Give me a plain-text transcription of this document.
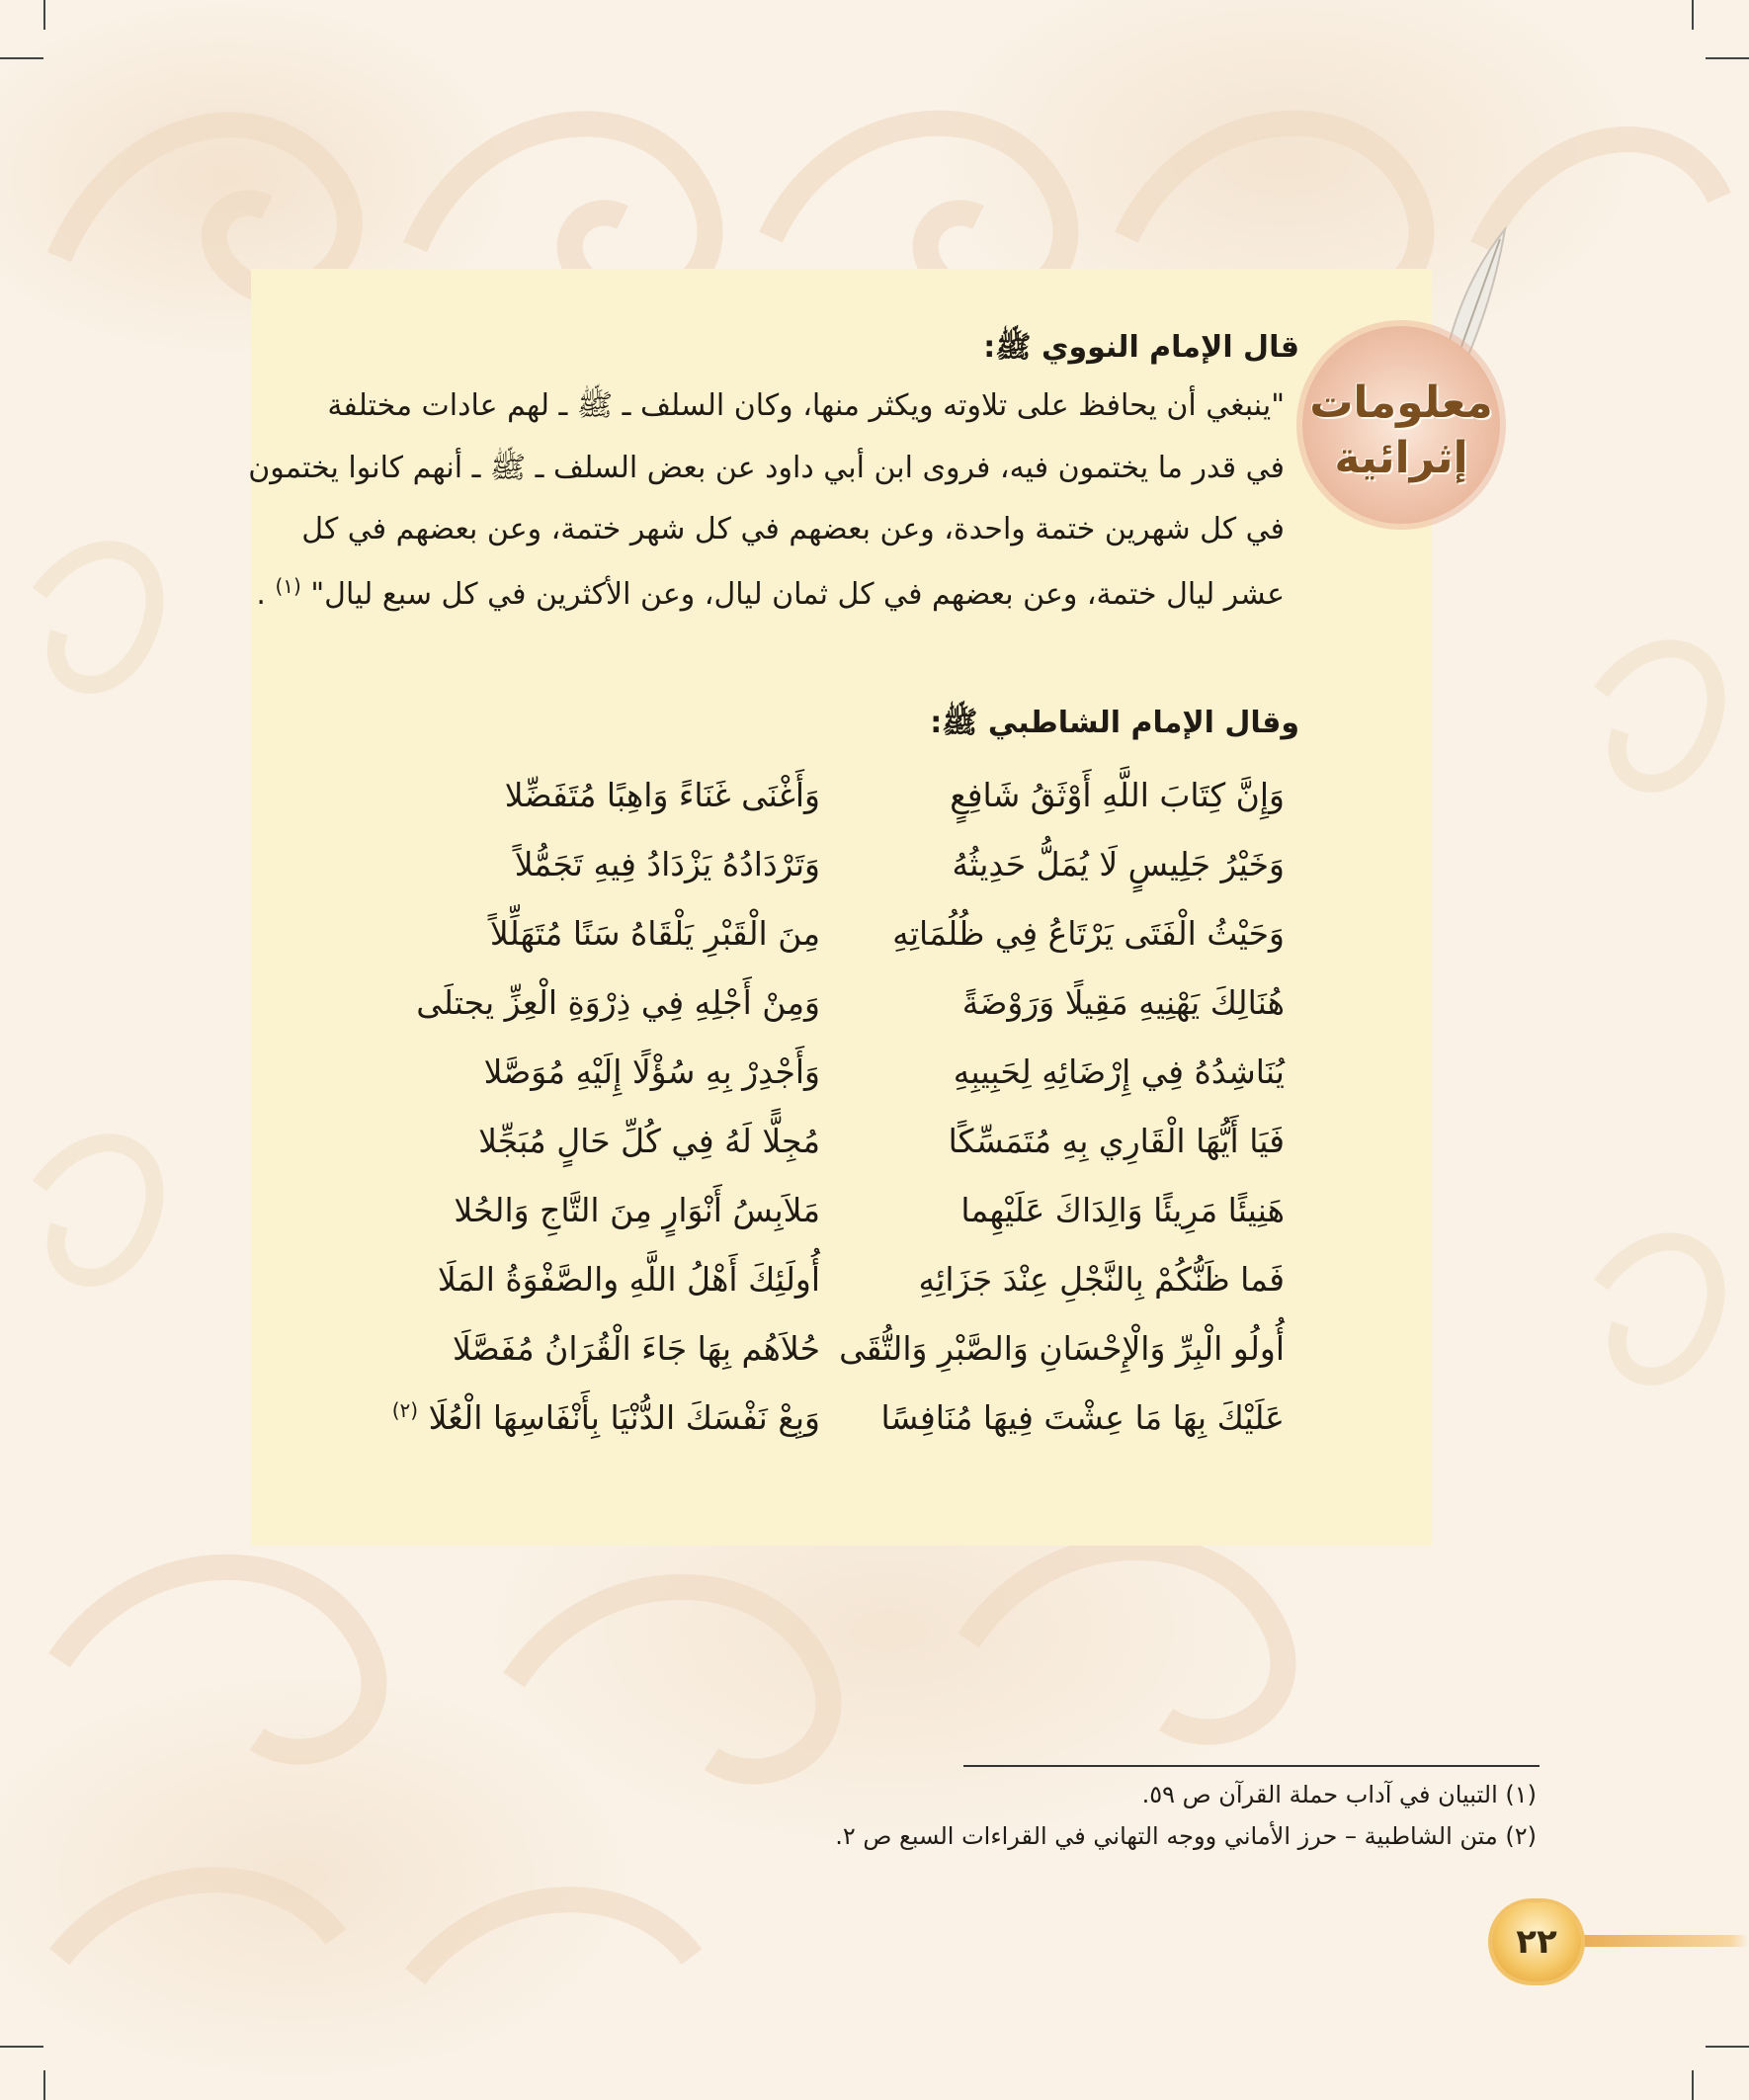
معلومات
إثرائية
قال الإمام النووي ﷺ:
"ينبغي أن يحافظ على تلاوته ويكثر منها، وكان السلف ـ ﷺ ـ لهم عادات مختلفة
في قدر ما يختمون فيه، فروى ابن أبي داود عن بعض السلف ـ ﷺ ـ أنهم كانوا يختمون
في كل شهرين ختمة واحدة، وعن بعضهم في كل شهر ختمة، وعن بعضهم في كل
عشر ليال ختمة، وعن بعضهم في كل ثمان ليال، وعن الأكثرين في كل سبع ليال" $^{(١)}$ .
وقال الإمام الشاطبي ﷺ:
وَإِنَّ كِتَابَ اللَّهِ أَوْثَقُ شَافِعٍ
وَأَغْنَى غَنَاءً وَاهِبًا مُتَفَضِّلا
وَخَيْرُ جَلِيسٍ لَا يُمَلُّ حَدِيثُهُ
وَتَرْدَادُهُ يَزْدَادُ فِيهِ تَجَمُّلاً
وَحَيْثُ الْفَتَى يَرْتَاعُ فِي ظُلُمَاتِهِ
مِنَ الْقَبْرِ يَلْقَاهُ سَنًا مُتَهَلِّلاً
هُنَالِكَ يَهْنِيهِ مَقِيلًا وَرَوْضَةً
وَمِنْ أَجْلِهِ فِي ذِرْوَةِ الْعِزِّ يجتلَى
يُنَاشِدُهُ فِي إِرْضَائِهِ لِحَبِيبِهِ
وَأَجْدِرْ بِهِ سُؤْلًا إِلَيْهِ مُوَصَّلا
فَيَا أَيُّهَا الْقَارِي بِهِ مُتَمَسِّكًا
مُجِلًّا لَهُ فِي كُلِّ حَالٍ مُبَجِّلا
هَنِيئًا مَرِيئًا وَالِدَاكَ عَلَيْهِما
مَلاَبِسُ أَنْوَارٍ مِنَ التَّاجِ وَالحُلا
فَما ظَنُّكُمْ بِالنَّجْلِ عِنْدَ جَزَائِهِ
أُولَئِكَ أَهْلُ اللَّهِ والصَّفْوَةُ المَلَا
أُولُو الْبِرِّ وَالْإِحْسَانِ وَالصَّبْرِ وَالتُّقَى
حُلاَهُم بِهَا جَاءَ الْقُرَانُ مُفَصَّلَا
عَلَيْكَ بِهَا مَا عِشْتَ فِيهَا مُنَافِسًا
وَبِعْ نَفْسَكَ الدُّنْيَا بِأَنْفَاسِهَا الْعُلَا $^{(٢)}$
(١) التبيان في آداب حملة القرآن ص ٥٩.
(٢) متن الشاطبية – حرز الأماني ووجه التهاني في القراءات السبع ص ٢.
٢٢
